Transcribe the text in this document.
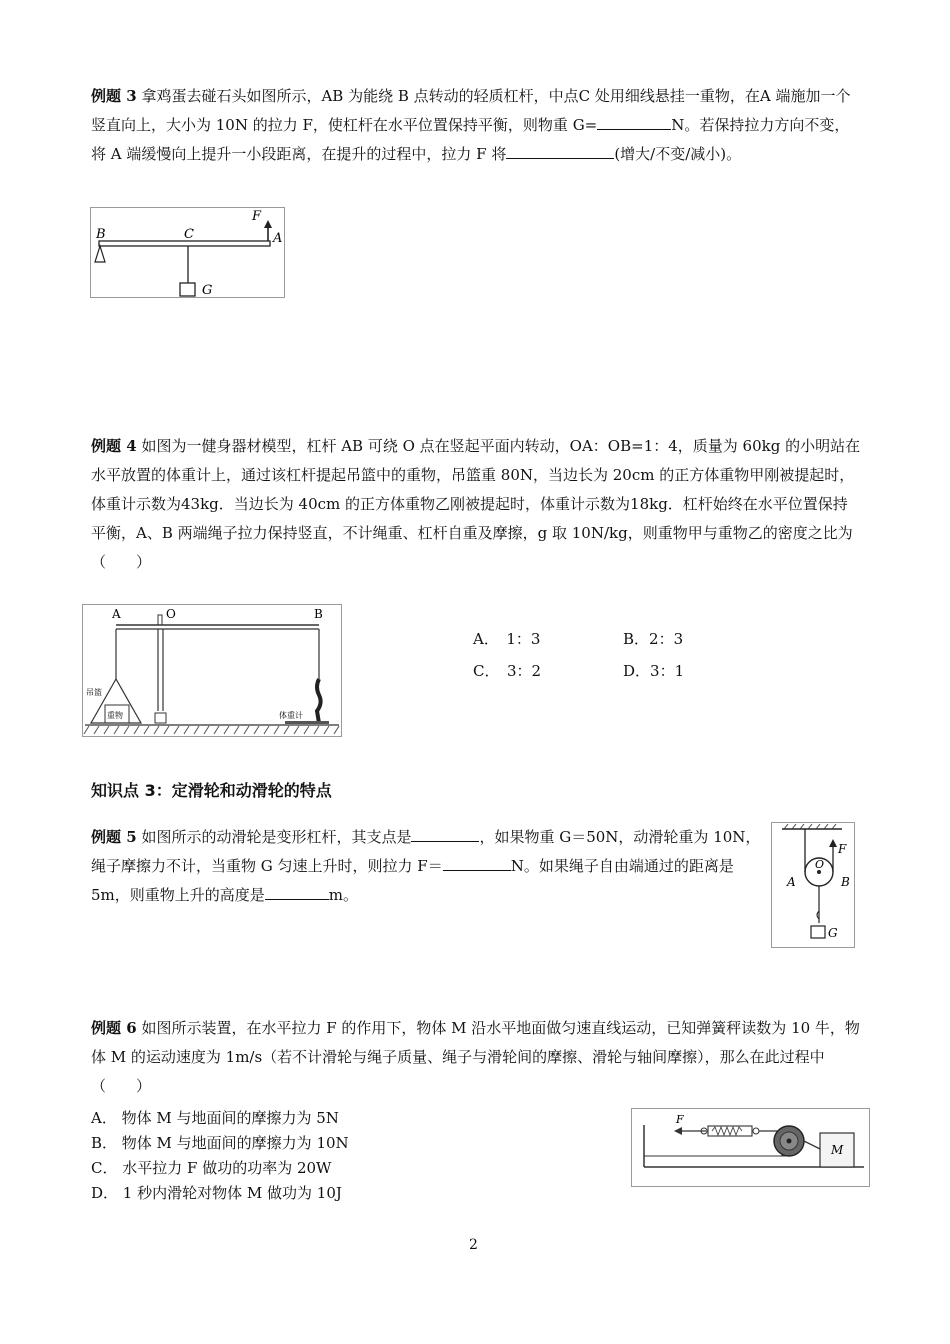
例题 3 拿鸡蛋去碰石头如图所示，AB 为能绕 B 点转动的轻质杠杆，中点C 处用细线悬挂一重物，在A 端施加一个竖直向上，大小为 10N 的拉力 F，使杠杆在水平位置保持平衡，则物重 G=	N。若保持拉力方向不变，将 A 端缓慢向上提升一小段距离，在提升的过程中，拉力 F 将	(增大/不变/减小)。
B	C	A
F
G
例题 4 如图为一健身器材模型，杠杆 AB 可绕 O 点在竖起平面内转动，OA：OB=1：4，质量为 60kg 的小明站在水平放置的体重计上，通过该杠杆提起吊篮中的重物，吊篮重 80N，当边长为 20cm 的正方体重物甲刚被提起时，体重计示数为43kg．当边长为 40cm 的正方体重物乙刚被提起时，体重计示数为18kg．杠杆始终在水平位置保持平衡，A、B 两端绳子拉力保持竖直，不计绳重、杠杆自重及摩擦，g 取 10N/kg，则重物甲与重物乙的密度之比为（　　）
A	O	B
吊篮
重物	体重计
A．　1：3	B．2：3
C．　3：2	D．3：1
知识点 3：定滑轮和动滑轮的特点
例题 5 如图所示的动滑轮是变形杠杆，其支点是	，如果物重 G＝50N，动滑轮重为 10N，绳子摩擦力不计，当重物 G 匀速上升时，则拉力 F＝	N。如果绳子自由端通过的距离是 5m，则重物上升的高度是	m。
F
A
O
B
G
例题 6 如图所示装置，在水平拉力 F 的作用下，物体 M 沿水平地面做匀速直线运动，已知弹簧秤读数为 10 牛，物体 M 的运动速度为 1m/s（若不计滑轮与绳子质量、绳子与滑轮间的摩擦、滑轮与轴间摩擦），那么在此过程中（　　）
A． 物体 M 与地面间的摩擦力为 5N
B． 物体 M 与地面间的摩擦力为 10N
C． 水平拉力 F 做功的功率为 20W
D． 1 秒内滑轮对物体 M 做功为 10J
F
M
2
